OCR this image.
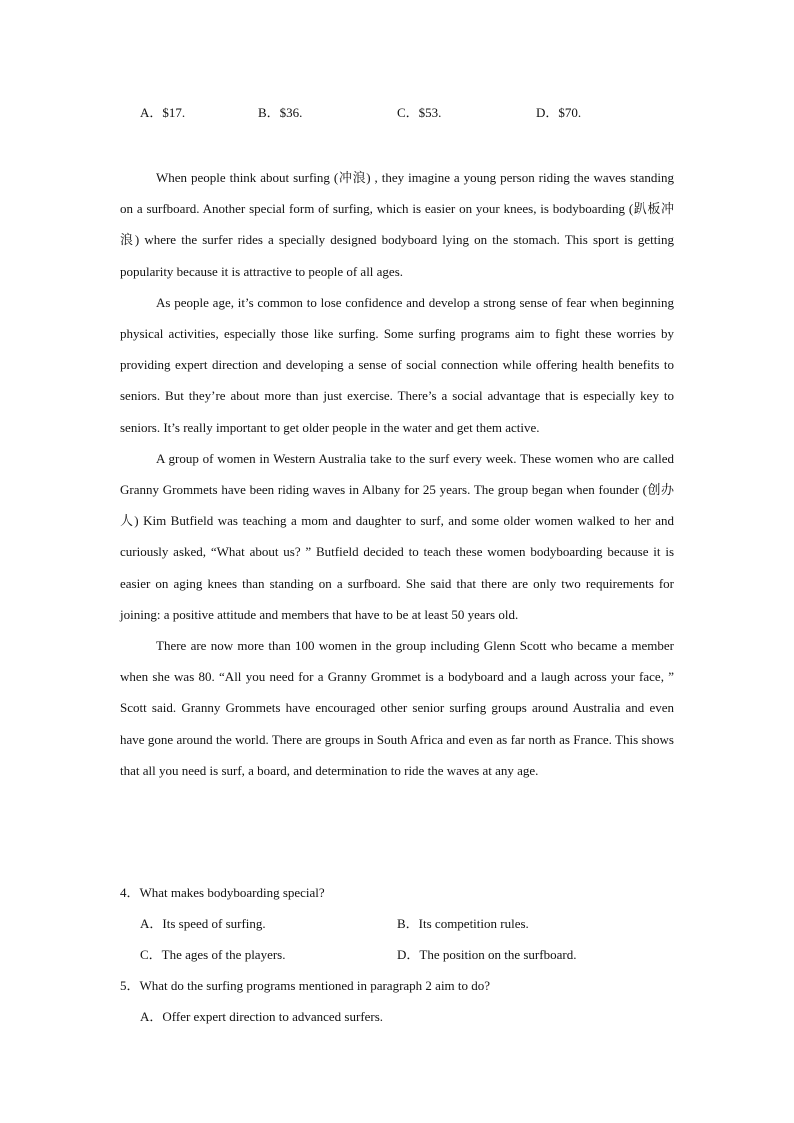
A．$17.	B．$36.	C．$53.	D．$70.

When people think about surfing (冲浪) , they imagine a young person riding the waves standing on a surfboard. Another special form of surfing, which is easier on your knees, is bodyboarding (趴板冲浪) where the surfer rides a specially designed bodyboard lying on the stomach. This sport is getting popularity because it is attractive to people of all ages.

As people age, it’s common to lose confidence and develop a strong sense of fear when beginning physical activities, especially those like surfing. Some surfing programs aim to fight these worries by providing expert direction and developing a sense of social connection while offering health benefits to seniors. But they’re about more than just exercise. There’s a social advantage that is especially key to seniors. It’s really important to get older people in the water and get them active.

A group of women in Western Australia take to the surf every week. These women who are called Granny Grommets have been riding waves in Albany for 25 years. The group began when founder (创办人) Kim Butfield was teaching a mom and daughter to surf, and some older women walked to her and curiously asked, “What about us? ” Butfield decided to teach these women bodyboarding because it is easier on aging knees than standing on a surfboard. She said that there are only two requirements for joining: a positive attitude and members that have to be at least 50 years old.

There are now more than 100 women in the group including Glenn Scott who became a member when she was 80. “All you need for a Granny Grommet is a bodyboard and a laugh across your face, ” Scott said. Granny Grommets have encouraged other senior surfing groups around Australia and even have gone around the world. There are groups in South Africa and even as far north as France. This shows that all you need is surf, a board, and determination to ride the waves at any age.

4．What makes bodyboarding special?
A．Its speed of surfing.	B．Its competition rules.
C．The ages of the players.	D．The position on the surfboard.
5．What do the surfing programs mentioned in paragraph 2 aim to do?
A．Offer expert direction to advanced surfers.
